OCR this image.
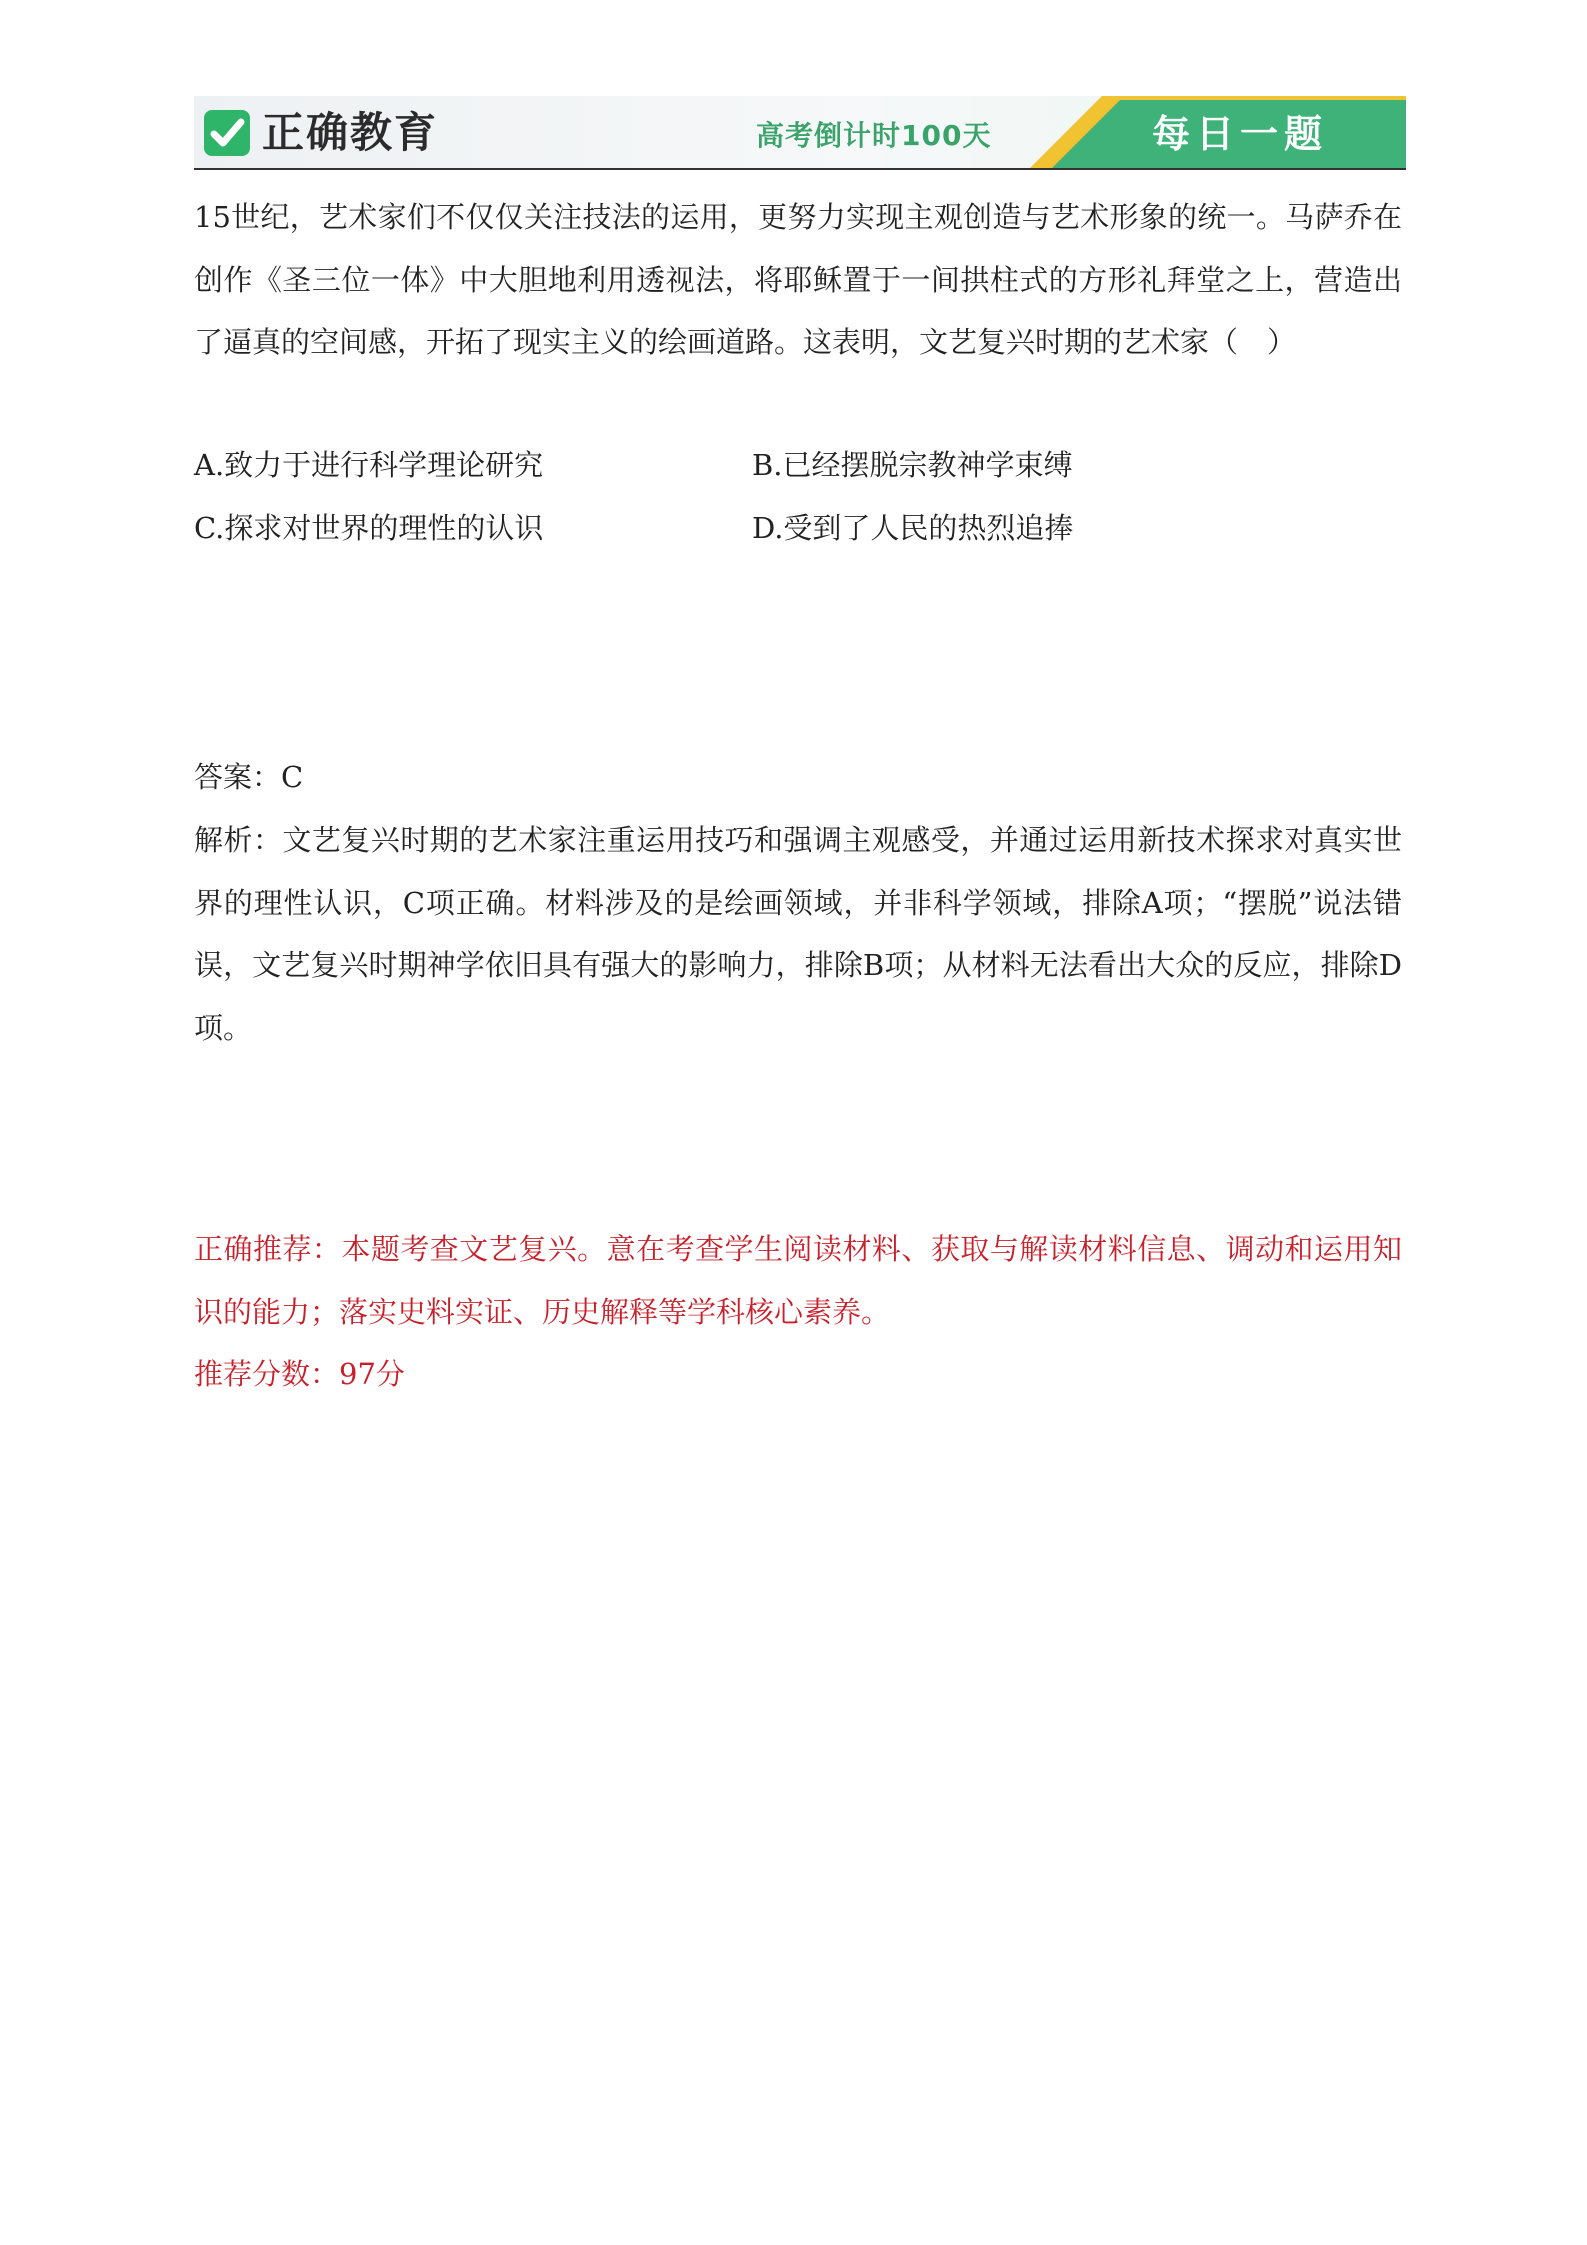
正确教育	高考倒计时100天	每日一题
15世纪，艺术家们不仅仅关注技法的运用，更努力实现主观创造与艺术形象的统一。马萨乔在创作《圣三位一体》中大胆地利用透视法，将耶稣置于一间拱柱式的方形礼拜堂之上，营造出了逼真的空间感，开拓了现实主义的绘画道路。这表明，文艺复兴时期的艺术家（　）
A.致力于进行科学理论研究	B.已经摆脱宗教神学束缚
C.探求对世界的理性的认识	D.受到了人民的热烈追捧
答案：C
解析：文艺复兴时期的艺术家注重运用技巧和强调主观感受，并通过运用新技术探求对真实世界的理性认识，C项正确。材料涉及的是绘画领域，并非科学领域，排除A项；“摆脱”说法错误，文艺复兴时期神学依旧具有强大的影响力，排除B项；从材料无法看出大众的反应，排除D项。
正确推荐：本题考查文艺复兴。意在考查学生阅读材料、获取与解读材料信息、调动和运用知识的能力；落实史料实证、历史解释等学科核心素养。
推荐分数：97分
